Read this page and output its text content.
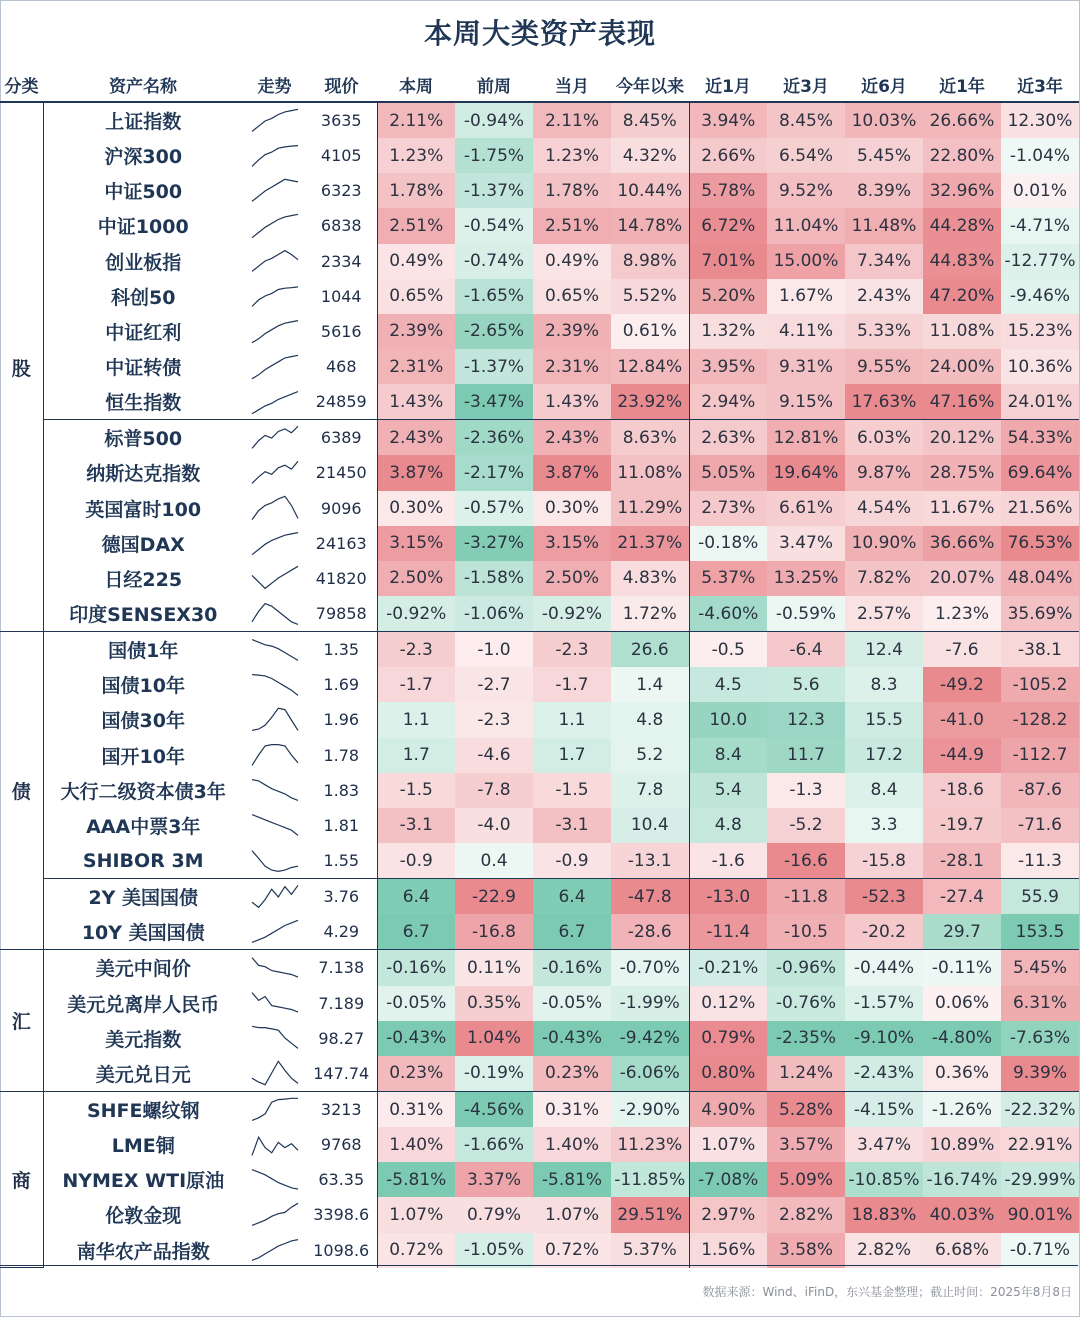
本周大类资产表现
分类	资产名称	走势	现价	本周	前周	当月	今年以来	近1月	近3月	近6月	近1年	近3年
股	上证指数		3635	2.11%	-0.94%	2.11%	8.45%	3.94%	8.45%	10.03%	26.66%	12.30%
	沪深300		4105	1.23%	-1.75%	1.23%	4.32%	2.66%	6.54%	5.45%	22.80%	-1.04%
	中证500		6323	1.78%	-1.37%	1.78%	10.44%	5.78%	9.52%	8.39%	32.96%	0.01%
	中证1000		6838	2.51%	-0.54%	2.51%	14.78%	6.72%	11.04%	11.48%	44.28%	-4.71%
	创业板指		2334	0.49%	-0.74%	0.49%	8.98%	7.01%	15.00%	7.34%	44.83%	-12.77%
	科创50		1044	0.65%	-1.65%	0.65%	5.52%	5.20%	1.67%	2.43%	47.20%	-9.46%
	中证红利		5616	2.39%	-2.65%	2.39%	0.61%	1.32%	4.11%	5.33%	11.08%	15.23%
	中证转债		468	2.31%	-1.37%	2.31%	12.84%	3.95%	9.31%	9.55%	24.00%	10.36%
	恒生指数		24859	1.43%	-3.47%	1.43%	23.92%	2.94%	9.15%	17.63%	47.16%	24.01%
	标普500		6389	2.43%	-2.36%	2.43%	8.63%	2.63%	12.81%	6.03%	20.12%	54.33%
	纳斯达克指数		21450	3.87%	-2.17%	3.87%	11.08%	5.05%	19.64%	9.87%	28.75%	69.64%
	英国富时100		9096	0.30%	-0.57%	0.30%	11.29%	2.73%	6.61%	4.54%	11.67%	21.56%
	德国DAX		24163	3.15%	-3.27%	3.15%	21.37%	-0.18%	3.47%	10.90%	36.66%	76.53%
	日经225		41820	2.50%	-1.58%	2.50%	4.83%	5.37%	13.25%	7.82%	20.07%	48.04%
	印度SENSEX30		79858	-0.92%	-1.06%	-0.92%	1.72%	-4.60%	-0.59%	2.57%	1.23%	35.69%
债	国债1年		1.35	-2.3	-1.0	-2.3	26.6	-0.5	-6.4	12.4	-7.6	-38.1
	国债10年		1.69	-1.7	-2.7	-1.7	1.4	4.5	5.6	8.3	-49.2	-105.2
	国债30年		1.96	1.1	-2.3	1.1	4.8	10.0	12.3	15.5	-41.0	-128.2
	国开10年		1.78	1.7	-4.6	1.7	5.2	8.4	11.7	17.2	-44.9	-112.7
	大行二级资本债3年		1.83	-1.5	-7.8	-1.5	7.8	5.4	-1.3	8.4	-18.6	-87.6
	AAA中票3年		1.81	-3.1	-4.0	-3.1	10.4	4.8	-5.2	3.3	-19.7	-71.6
	SHIBOR 3M		1.55	-0.9	0.4	-0.9	-13.1	-1.6	-16.6	-15.8	-28.1	-11.3
	2Y 美国国债		3.76	6.4	-22.9	6.4	-47.8	-13.0	-11.8	-52.3	-27.4	55.9
	10Y 美国国债		4.29	6.7	-16.8	6.7	-28.6	-11.4	-10.5	-20.2	29.7	153.5
汇	美元中间价		7.138	-0.16%	0.11%	-0.16%	-0.70%	-0.21%	-0.96%	-0.44%	-0.11%	5.45%
	美元兑离岸人民币		7.189	-0.05%	0.35%	-0.05%	-1.99%	0.12%	-0.76%	-1.57%	0.06%	6.31%
	美元指数		98.27	-0.43%	1.04%	-0.43%	-9.42%	0.79%	-2.35%	-9.10%	-4.80%	-7.63%
	美元兑日元		147.74	0.23%	-0.19%	0.23%	-6.06%	0.80%	1.24%	-2.43%	0.36%	9.39%
商	SHFE螺纹钢		3213	0.31%	-4.56%	0.31%	-2.90%	4.90%	5.28%	-4.15%	-1.26%	-22.32%
	LME铜		9768	1.40%	-1.66%	1.40%	11.23%	1.07%	3.57%	3.47%	10.89%	22.91%
	NYMEX WTI原油		63.35	-5.81%	3.37%	-5.81%	-11.85%	-7.08%	5.09%	-10.85%	-16.74%	-29.99%
	伦敦金现		3398.6	1.07%	0.79%	1.07%	29.51%	2.97%	2.82%	18.83%	40.03%	90.01%
	南华农产品指数		1098.6	0.72%	-1.05%	0.72%	5.37%	1.56%	3.58%	2.82%	6.68%	-0.71%
数据来源：Wind、iFinD，东兴基金整理；截止时间：2025年8月8日
